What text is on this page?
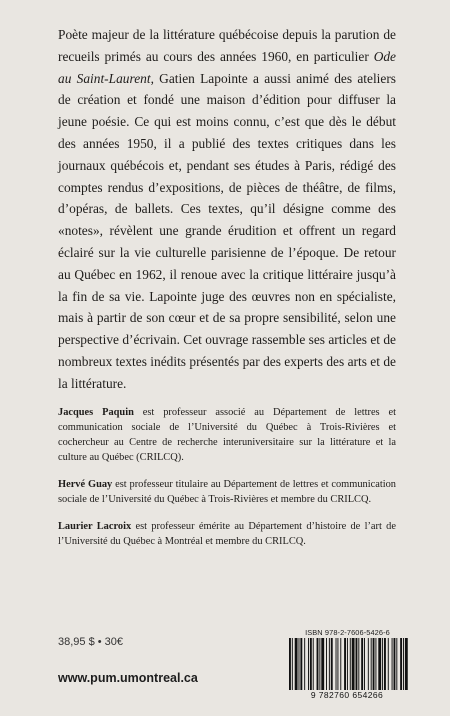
Poète majeur de la littérature québécoise depuis la parution de recueils primés au cours des années 1960, en particulier Ode au Saint-Laurent, Gatien Lapointe a aussi animé des ateliers de création et fondé une maison d’édition pour diffuser la jeune poésie. Ce qui est moins connu, c’est que dès le début des années 1950, il a publié des textes critiques dans les journaux québécois et, pendant ses études à Paris, rédigé des comptes rendus d’expositions, de pièces de théâtre, de films, d’opéras, de ballets. Ces textes, qu’il désigne comme des «notes», révèlent une grande érudition et offrent un regard éclairé sur la vie culturelle parisienne de l’époque. De retour au Québec en 1962, il renoue avec la critique littéraire jusqu’à la fin de sa vie. Lapointe juge des œuvres non en spécialiste, mais à partir de son cœur et de sa propre sensibilité, selon une perspective d’écrivain. Cet ouvrage rassemble ses articles et de nombreux textes inédits présentés par des experts des arts et de la littérature.

Jacques Paquin est professeur associé au Département de lettres et communication sociale de l’Université du Québec à Trois-Rivières et cochercheur au Centre de recherche interuniversitaire sur la littérature et la culture au Québec (CRILCQ).

Hervé Guay est professeur titulaire au Département de lettres et communication sociale de l’Université du Québec à Trois-Rivières et membre du CRILCQ.

Laurier Lacroix est professeur émérite au Département d’histoire de l’art de l’Université du Québec à Montréal et membre du CRILCQ.

38,95 $ • 30€
www.pum.umontreal.ca
ISBN 978-2-7606-5426-6
9 782760 654266
